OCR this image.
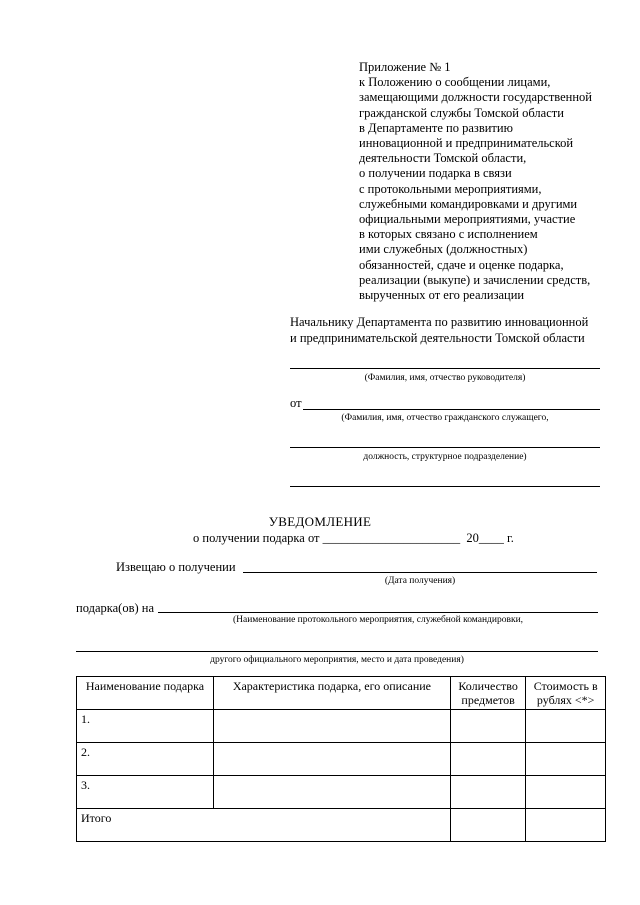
Приложение № 1
к Положению о сообщении лицами,
замещающими должности государственной
гражданской службы Томской области
в Департаменте по развитию
инновационной и предпринимательской
деятельности Томской области,
о получении подарка в связи
с протокольными мероприятиями,
служебными командировками и другими
официальными мероприятиями, участие
в которых связано с исполнением
ими служебных (должностных)
обязанностей, сдаче и оценке подарка,
реализации (выкупе) и зачислении средств,
вырученных от его реализации
Начальнику Департамента по развитию инновационной
и предпринимательской деятельности Томской области
(Фамилия, имя, отчество руководителя)
от
(Фамилия, имя, отчество гражданского служащего,
должность, структурное подразделение)
УВЕДОМЛЕНИЕ
о получении подарка от ______________________ 20____ г.
Извещаю о получении
(Дата получения)
подарка(ов) на
(Наименование протокольного мероприятия, служебной командировки,
другого официального мероприятия, место и дата проведения)
Наименование подарка	Характеристика подарка, его описание	Количество предметов	Стоимость в рублях <*>
1.			
2.			
3.			
Итого			
